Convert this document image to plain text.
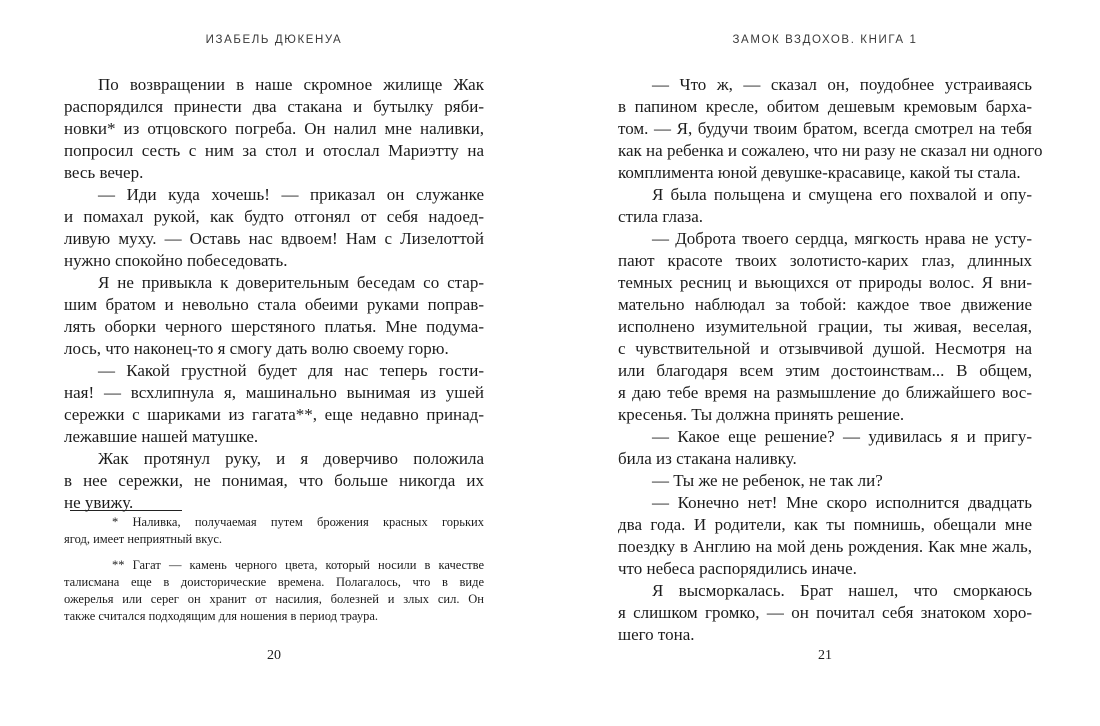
ИЗАБЕЛЬ ДЮКЕНУА
По возвращении в наше скромное жилище Жак
распорядился принести два стакана и бутылку ряби-
новки* из отцовского погреба. Он налил мне наливки,
попросил сесть с ним за стол и отослал Мариэтту на
весь вечер.
— Иди куда хочешь! — приказал он служанке
и помахал рукой, как будто отгонял от себя надоед-
ливую муху. — Оставь нас вдвоем! Нам с Лизелоттой
нужно спокойно побеседовать.
Я не привыкла к доверительным беседам со стар-
шим братом и невольно стала обеими руками поправ-
лять оборки черного шерстяного платья. Мне подума-
лось, что наконец-то я смогу дать волю своему горю.
— Какой грустной будет для нас теперь гости-
ная! — всхлипнула я, машинально вынимая из ушей
сережки с шариками из гагата**, еще недавно принад-
лежавшие нашей матушке.
Жак протянул руку, и я доверчиво положила
в нее сережки, не понимая, что больше никогда их
не увижу.
* Наливка, получаемая путем брожения красных горьких
ягод, имеет неприятный вкус.
** Гагат — камень черного цвета, который носили в качестве
талисмана еще в доисторические времена. Полагалось, что в виде
ожерелья или серег он хранит от насилия, болезней и злых сил. Он
также считался подходящим для ношения в период траура.
20
ЗАМОК ВЗДОХОВ. КНИГА 1
— Что ж, — сказал он, поудобнее устраиваясь
в папином кресле, обитом дешевым кремовым барха-
том. — Я, будучи твоим братом, всегда смотрел на тебя
как на ребенка и сожалею, что ни разу не сказал ни одного
комплимента юной девушке-красавице, какой ты стала.
Я была польщена и смущена его похвалой и опу-
стила глаза.
— Доброта твоего сердца, мягкость нрава не усту-
пают красоте твоих золотисто-карих глаз, длинных
темных ресниц и вьющихся от природы волос. Я вни-
мательно наблюдал за тобой: каждое твое движение
исполнено изумительной грации, ты живая, веселая,
с чувствительной и отзывчивой душой. Несмотря на
или благодаря всем этим достоинствам... В общем,
я даю тебе время на размышление до ближайшего вос-
кресенья. Ты должна принять решение.
— Какое еще решение? — удивилась я и пригу-
била из стакана наливку.
— Ты же не ребенок, не так ли?
— Конечно нет! Мне скоро исполнится двадцать
два года. И родители, как ты помнишь, обещали мне
поездку в Англию на мой день рождения. Как мне жаль,
что небеса распорядились иначе.
Я высморкалась. Брат нашел, что сморкаюсь
я слишком громко, — он почитал себя знатоком хоро-
шего тона.
21
